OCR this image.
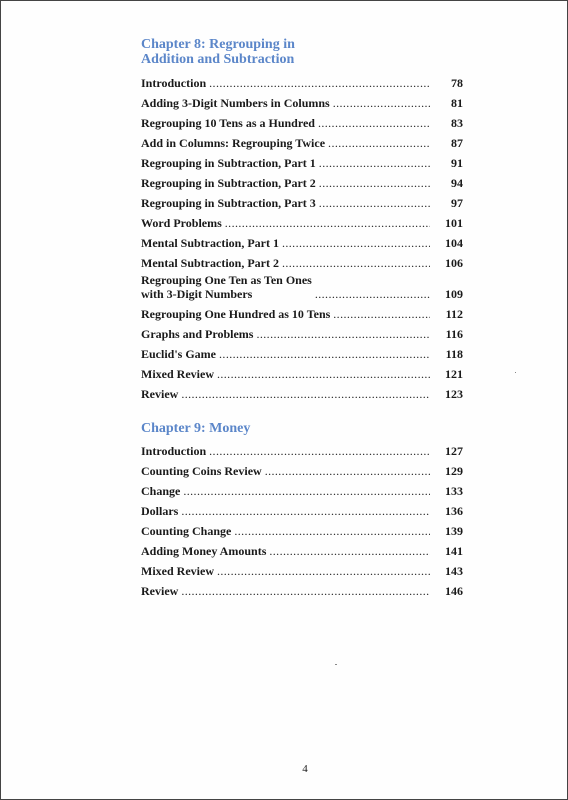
Chapter 8: Regrouping in
Addition and Subtraction
Introduction .....	78
Adding 3-Digit Numbers in Columns .....	81
Regrouping 10 Tens as a Hundred .....	83
Add in Columns: Regrouping Twice .....	87
Regrouping in Subtraction, Part 1 .....	91
Regrouping in Subtraction, Part 2 .....	94
Regrouping in Subtraction, Part 3 .....	97
Word Problems .....	101
Mental Subtraction, Part 1 .....	104
Mental Subtraction, Part 2 .....	106
Regrouping One Ten as Ten Ones
with 3-Digit Numbers .....	109
Regrouping One Hundred as 10 Tens .....	112
Graphs and Problems .....	116
Euclid's Game .....	118
Mixed Review .....	121
Review .....	123
Chapter 9: Money
Introduction .....	127
Counting Coins Review .....	129
Change .....	133
Dollars .....	136
Counting Change .....	139
Adding Money Amounts .....	141
Mixed Review .....	143
Review .....	146
4
